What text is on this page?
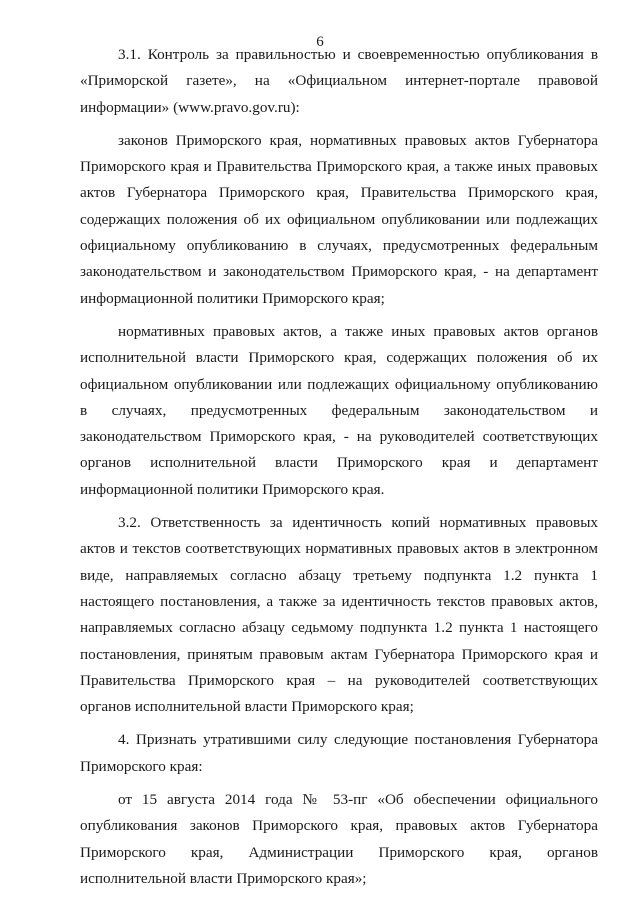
6

3.1. Контроль за правильностью и своевременностью опубликования в
«Приморской газете», на «Официальном интернет-портале правовой
информации» (www.pravo.gov.ru):

законов Приморского края, нормативных правовых актов Губернатора
Приморского края и Правительства Приморского края, а также иных правовых
актов Губернатора Приморского края, Правительства Приморского края,
содержащих положения об их официальном опубликовании или подлежащих
официальному опубликованию в случаях, предусмотренных федеральным
законодательством и законодательством Приморского края, - на департамент
информационной политики Приморского края;

нормативных правовых актов, а также иных правовых актов органов
исполнительной власти Приморского края, содержащих положения об их
официальном опубликовании или подлежащих официальному опубликованию
в случаях, предусмотренных федеральным законодательством и
законодательством Приморского края, - на руководителей соответствующих
органов исполнительной власти Приморского края и департамент
информационной политики Приморского края.

3.2. Ответственность за идентичность копий нормативных правовых
актов и текстов соответствующих нормативных правовых актов в электронном
виде, направляемых согласно абзацу третьему подпункта 1.2 пункта 1
настоящего постановления, а также за идентичность текстов правовых актов,
направляемых согласно абзацу седьмому подпункта 1.2 пункта 1 настоящего
постановления, принятым правовым актам Губернатора Приморского края и
Правительства Приморского края – на руководителей соответствующих
органов исполнительной власти Приморского края;

4. Признать утратившими силу следующие постановления Губернатора
Приморского края:

от 15 августа 2014 года № 53-пг «Об обеспечении официального
опубликования законов Приморского края, правовых актов Губернатора
Приморского края, Администрации Приморского края, органов
исполнительной власти Приморского края»;
